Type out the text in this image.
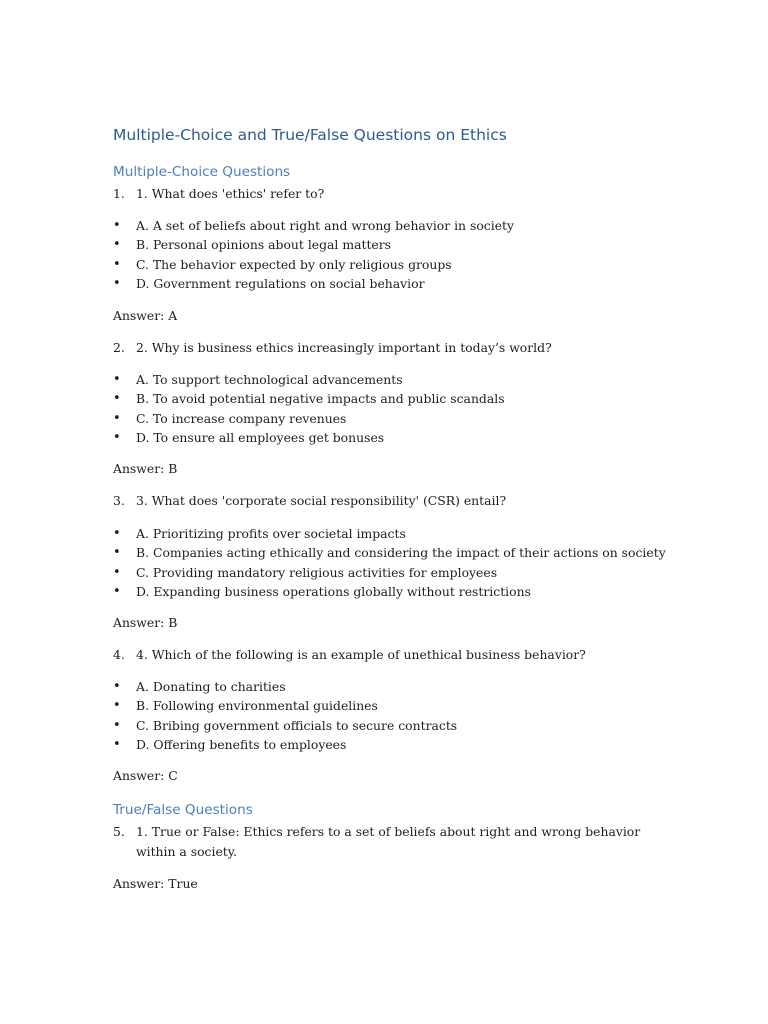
Multiple-Choice and True/False Questions on Ethics
Multiple-Choice Questions
1. 1. What does 'ethics' refer to?
• A. A set of beliefs about right and wrong behavior in society
• B. Personal opinions about legal matters
• C. The behavior expected by only religious groups
• D. Government regulations on social behavior
Answer: A
2. 2. Why is business ethics increasingly important in today’s world?
• A. To support technological advancements
• B. To avoid potential negative impacts and public scandals
• C. To increase company revenues
• D. To ensure all employees get bonuses
Answer: B
3. 3. What does 'corporate social responsibility' (CSR) entail?
• A. Prioritizing profits over societal impacts
• B. Companies acting ethically and considering the impact of their actions on society
• C. Providing mandatory religious activities for employees
• D. Expanding business operations globally without restrictions
Answer: B
4. 4. Which of the following is an example of unethical business behavior?
• A. Donating to charities
• B. Following environmental guidelines
• C. Bribing government officials to secure contracts
• D. Offering benefits to employees
Answer: C
True/False Questions
5. 1. True or False: Ethics refers to a set of beliefs about right and wrong behavior within a society.
Answer: True
